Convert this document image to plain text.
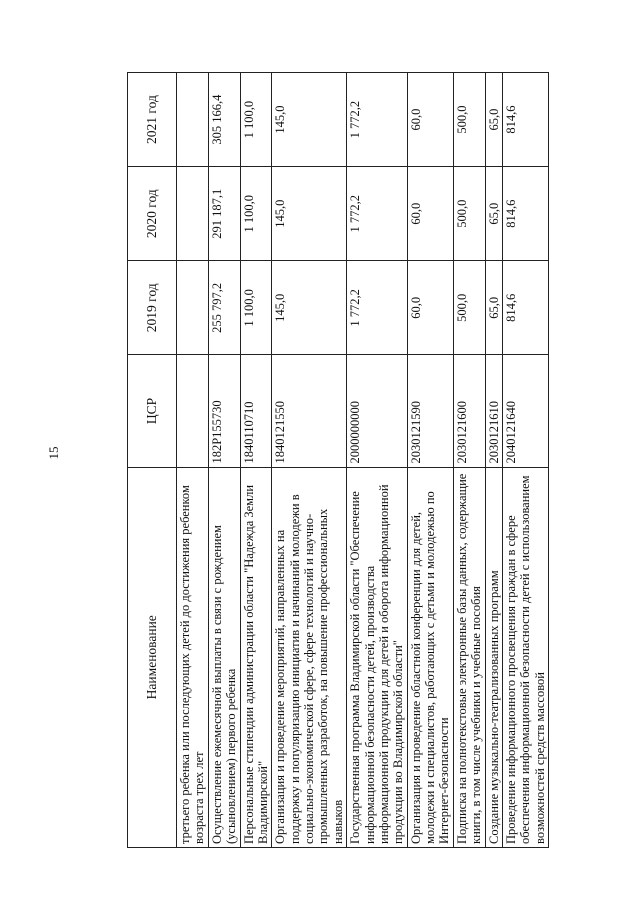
15
Наименование	ЦСР	2019 год	2020 год	2021 год
третьего ребенка или последующих детей до достижения ребенком возраста трех лет				
Осуществление ежемесячной выплаты в связи с рождением (усыновлением) первого ребенка	182P155730	255 797,2	291 187,1	305 166,4
Персональные стипендии администрации области "Надежда Земли Владимирской"	1840110710	1 100,0	1 100,0	1 100,0
Организация и проведение мероприятий, направленных на поддержку и популяризацию инициатив и начинаний молодежи в социально-экономической сфере, сфере технологий и научно-промышленных разработок, на повышение профессиональных навыков	1840121550	145,0	145,0	145,0
Государственная программа Владимирской области "Обеспечение информационной безопасности детей, производства информационной продукции для детей и оборота информационной продукции во Владимирской области"	2000000000	1 772,2	1 772,2	1 772,2
Организация и проведение областной конференции для детей, молодежи и специалистов, работающих с детьми и молодежью по Интернет-безопасности	2030121590	60,0	60,0	60,0
Подписка на полнотекстовые электронные базы данных, содержащие книги, в том числе учебники и учебные пособия	2030121600	500,0	500,0	500,0
Создание музыкально-театрализованных программ	2030121610	65,0	65,0	65,0
Проведение информационного просвещения граждан в сфере обеспечения информационной безопасности детей с использованием возможностей средств массовой	2040121640	814,6	814,6	814,6
